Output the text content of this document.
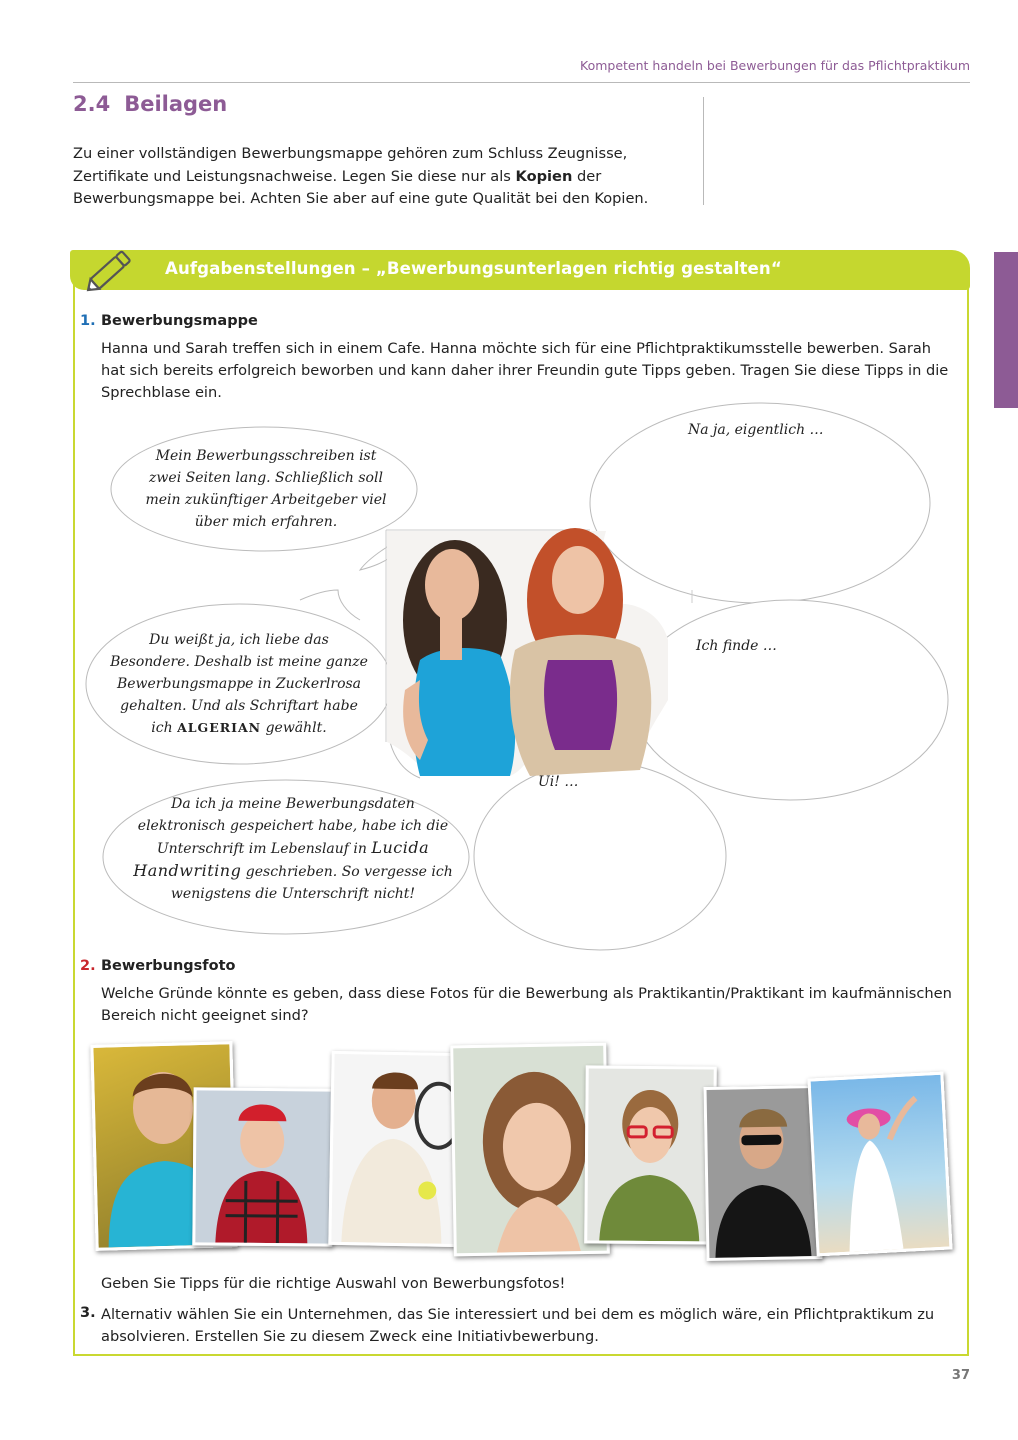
Kompetent handeln bei Bewerbungen für das Pflichtpraktikum
2.4 Beilagen
Zu einer vollständigen Bewerbungsmappe gehören zum Schluss Zeugnisse, Zertifikate und Leistungsnachweise. Legen Sie diese nur als Kopien der Bewerbungsmappe bei. Achten Sie aber auf eine gute Qualität bei den Kopien.
Aufgabenstellungen – „Bewerbungsunterlagen richtig gestalten“
1. Bewerbungsmappe
Hanna und Sarah treffen sich in einem Cafe. Hanna möchte sich für eine Pflichtpraktikumsstelle bewerben. Sarah hat sich bereits erfolgreich beworben und kann daher ihrer Freundin gute Tipps geben. Tragen Sie diese Tipps in die Sprechblase ein.
Mein Bewerbungsschreiben ist zwei Seiten lang. Schließlich soll mein zukünftiger Arbeitgeber viel über mich erfahren.
Du weißt ja, ich liebe das Besondere. Deshalb ist meine ganze Bewerbungsmappe in Zuckerlrosa gehalten. Und als Schriftart habe ich ALGERIAN gewählt.
Da ich ja meine Bewerbungsdaten elektronisch gespeichert habe, habe ich die Unterschrift im Lebenslauf in Lucida Handwriting geschrieben. So vergesse ich wenigstens die Unterschrift nicht!
Na ja, eigentlich …
Ich finde …
Ui! …
2. Bewerbungsfoto
Welche Gründe könnte es geben, dass diese Fotos für die Bewerbung als Praktikantin/Praktikant im kaufmännischen Bereich nicht geeignet sind?
Geben Sie Tipps für die richtige Auswahl von Bewerbungsfotos!
3. Alternativ wählen Sie ein Unternehmen, das Sie interessiert und bei dem es möglich wäre, ein Pflichtpraktikum zu absolvieren. Erstellen Sie zu diesem Zweck eine Initiativbewerbung.
37
